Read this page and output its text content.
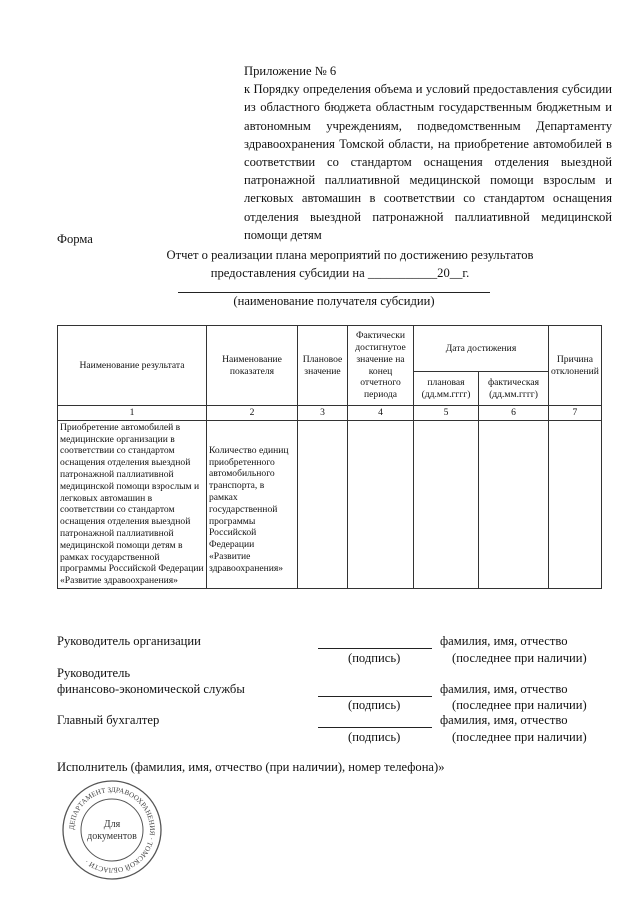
Приложение № 6

к Порядку определения объема и условий предоставления субсидии из областного бюджета областным государственным бюджетным и автономным учреждениям, подведомственным Департаменту здравоохранения Томской области, на приобретение автомобилей в соответствии со стандартом оснащения отделения выездной патронажной паллиативной медицинской помощи взрослым и легковых автомашин в соответствии со стандартом оснащения отделения выездной патронажной паллиативной медицинской помощи детям

Форма
Отчет о реализации плана мероприятий по достижению результатов
предоставления субсидии на ___________20__г.
(наименование получателя субсидии)
Наименование результата	Наименование показателя	Плановое значение	Фактически достигнутое значение на конец отчетного периода	Дата достижения		Причина отклонений
				плановая (дд.мм.гггг)	фактическая (дд.мм.гггг)	
1	2	3	4	5	6	7
Приобретение автомобилей в медицинские организации в соответствии со стандартом оснащения отделения выездной патронажной паллиативной медицинской помощи взрослым и легковых автомашин в соответствии со стандартом оснащения отделения выездной патронажной паллиативной медицинской помощи детям в рамках государственной программы Российской Федерации «Развитие здравоохранения»	Количество единиц приобретенного автомобильного транспорта, в рамках государственной программы Российской Федерации «Развитие здравоохранения»					
Руководитель организации	фамилия, имя, отчество
(подпись)	(последнее при наличии)
Руководитель
финансово-экономической службы	фамилия, имя, отчество
(подпись)	(последнее при наличии)
Главный бухгалтер	фамилия, имя, отчество
(подпись)	(последнее при наличии)
Исполнитель (фамилия, имя, отчество (при наличии), номер телефона)»
ДЕПАРТАМЕНТ ЗДРАВООХРАНЕНИЯ · ТОМСКОЙ ОБЛАСТИ ·
Для
документов
